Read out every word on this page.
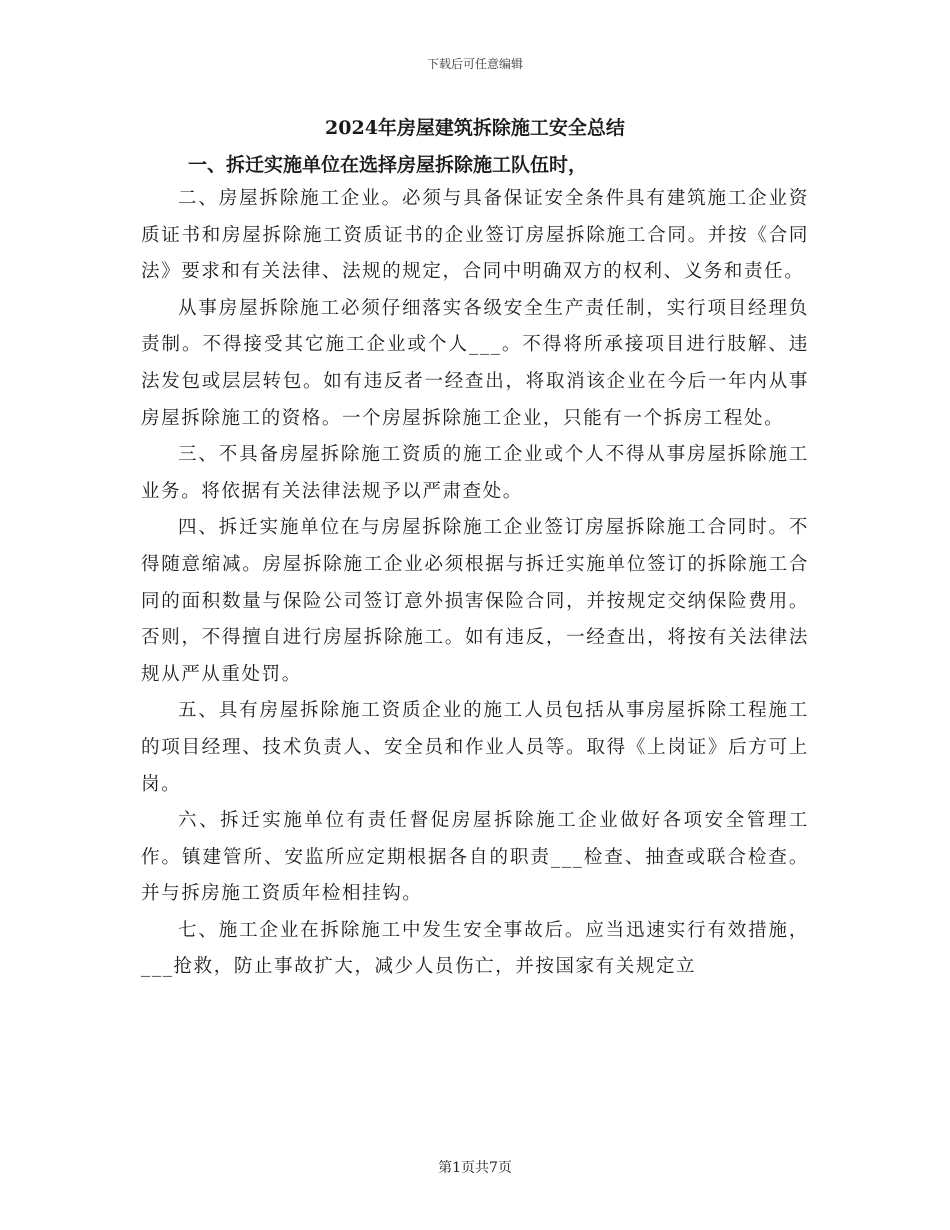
下载后可任意编辑
2024年房屋建筑拆除施工安全总结
一、拆迁实施单位在选择房屋拆除施工队伍时，

二、房屋拆除施工企业。必须与具备保证安全条件具有建筑施工企业资质证书和房屋拆除施工资质证书的企业签订房屋拆除施工合同。并按《合同法》要求和有关法律、法规的规定，合同中明确双方的权利、义务和责任。

从事房屋拆除施工必须仔细落实各级安全生产责任制，实行项目经理负责制。不得接受其它施工企业或个人___。不得将所承接项目进行肢解、违法发包或层层转包。如有违反者一经查出，将取消该企业在今后一年内从事房屋拆除施工的资格。一个房屋拆除施工企业，只能有一个拆房工程处。

三、不具备房屋拆除施工资质的施工企业或个人不得从事房屋拆除施工业务。将依据有关法律法规予以严肃查处。

四、拆迁实施单位在与房屋拆除施工企业签订房屋拆除施工合同时。不得随意缩减。房屋拆除施工企业必须根据与拆迁实施单位签订的拆除施工合同的面积数量与保险公司签订意外损害保险合同，并按规定交纳保险费用。否则，不得擅自进行房屋拆除施工。如有违反，一经查出，将按有关法律法规从严从重处罚。

五、具有房屋拆除施工资质企业的施工人员包括从事房屋拆除工程施工的项目经理、技术负责人、安全员和作业人员等。取得《上岗证》后方可上岗。

六、拆迁实施单位有责任督促房屋拆除施工企业做好各项安全管理工作。镇建管所、安监所应定期根据各自的职责___检查、抽查或联合检查。并与拆房施工资质年检相挂钩。

七、施工企业在拆除施工中发生安全事故后。应当迅速实行有效措施，___抢救，防止事故扩大，减少人员伤亡，并按国家有关规定立

第1页共7页
